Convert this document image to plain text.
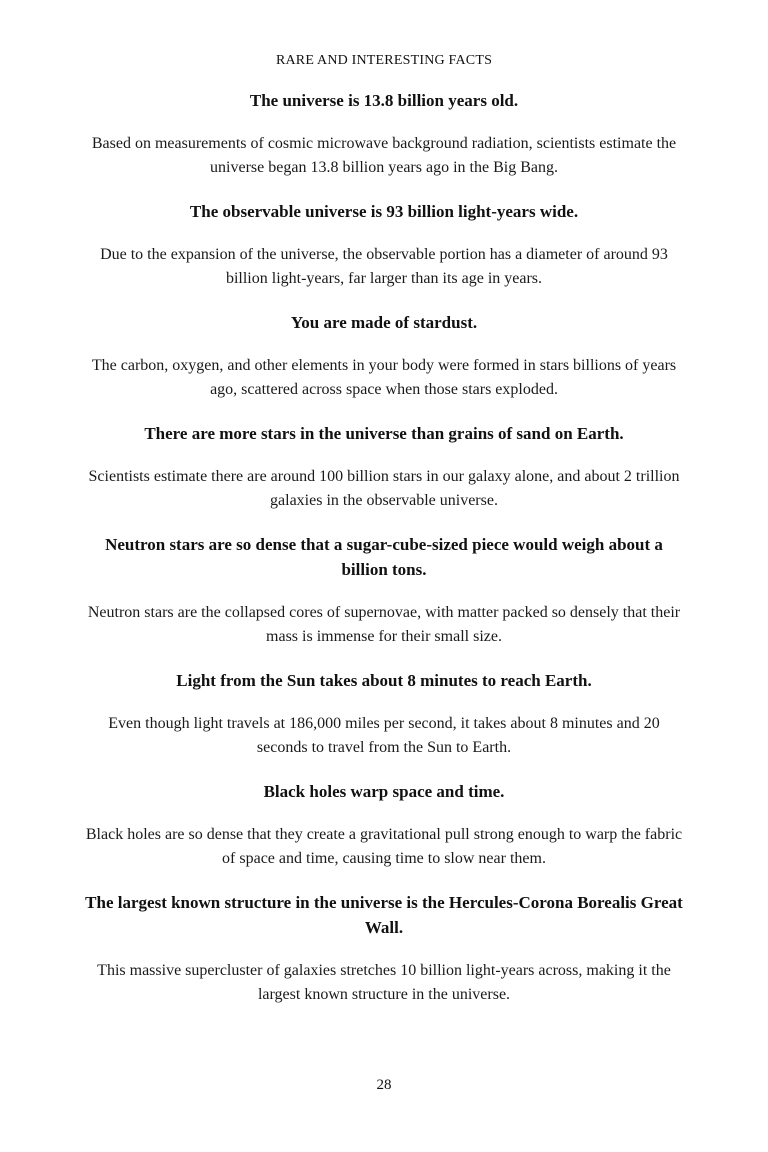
RARE AND INTERESTING FACTS

The universe is 13.8 billion years old.

Based on measurements of cosmic microwave background radiation, scientists estimate the universe began 13.8 billion years ago in the Big Bang.

The observable universe is 93 billion light-years wide.

Due to the expansion of the universe, the observable portion has a diameter of around 93 billion light-years, far larger than its age in years.

You are made of stardust.

The carbon, oxygen, and other elements in your body were formed in stars billions of years ago, scattered across space when those stars exploded.

There are more stars in the universe than grains of sand on Earth.

Scientists estimate there are around 100 billion stars in our galaxy alone, and about 2 trillion galaxies in the observable universe.

Neutron stars are so dense that a sugar-cube-sized piece would weigh about a billion tons.

Neutron stars are the collapsed cores of supernovae, with matter packed so densely that their mass is immense for their small size.

Light from the Sun takes about 8 minutes to reach Earth.

Even though light travels at 186,000 miles per second, it takes about 8 minutes and 20 seconds to travel from the Sun to Earth.

Black holes warp space and time.

Black holes are so dense that they create a gravitational pull strong enough to warp the fabric of space and time, causing time to slow near them.

The largest known structure in the universe is the Hercules-Corona Borealis Great Wall.

This massive supercluster of galaxies stretches 10 billion light-years across, making it the largest known structure in the universe.

28
